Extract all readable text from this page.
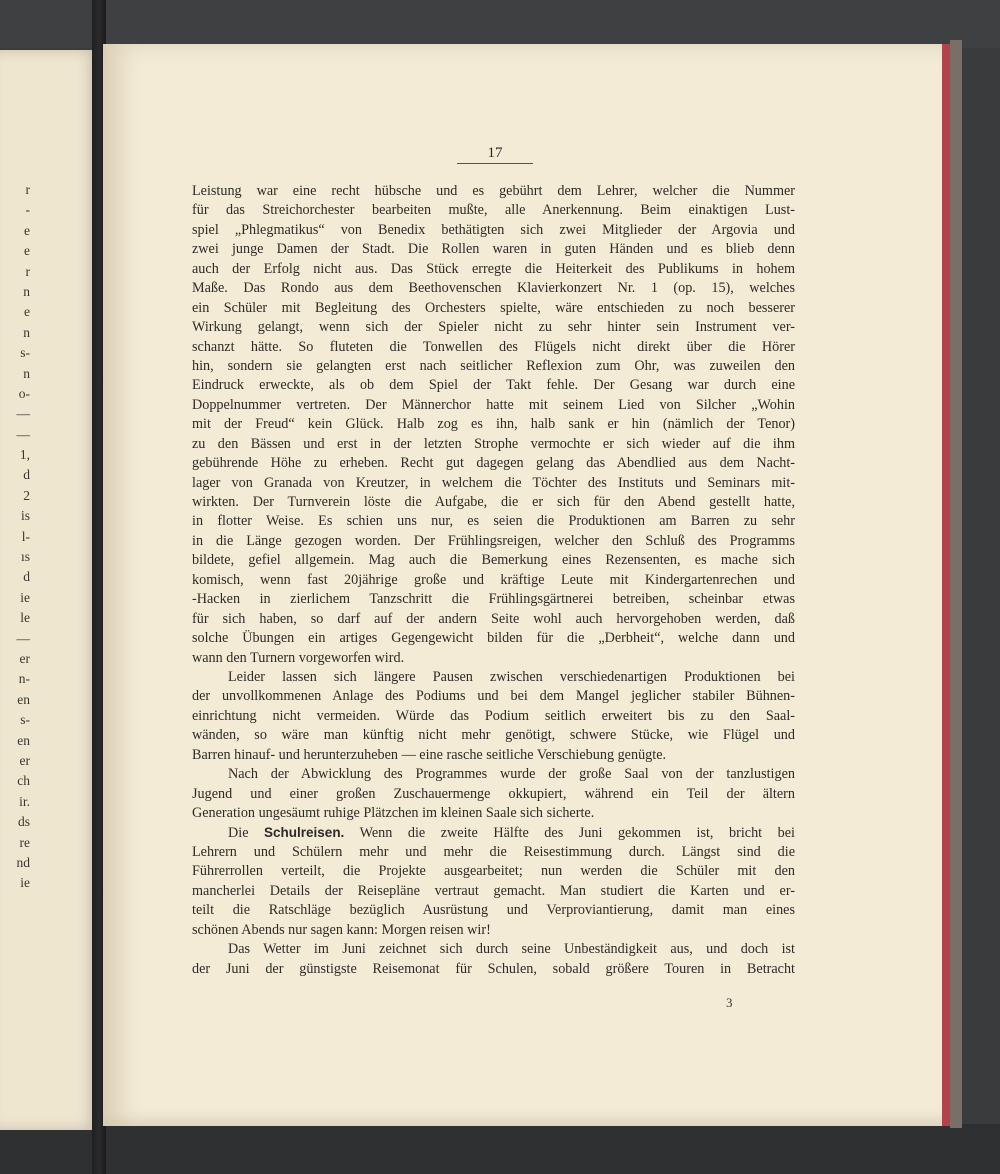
r
-
e
e
r
n
e
n
s-
n
o-
—
—
1,
d
2
is
l-
ıs
d
ie
le
—
er
n-
en
s-
en
er
ch
ir.
ds
re
nd
ie
17
Leistung war eine recht hübsche und es gebührt dem Lehrer, welcher die Nummer
für das Streichorchester bearbeiten mußte, alle Anerkennung. Beim einaktigen Lust-
spiel „Phlegmatikus“ von Benedix bethätigten sich zwei Mitglieder der Argovia und
zwei junge Damen der Stadt. Die Rollen waren in guten Händen und es blieb denn
auch der Erfolg nicht aus. Das Stück erregte die Heiterkeit des Publikums in hohem
Maße. Das Rondo aus dem Beethovenschen Klavierkonzert Nr. 1 (op. 15), welches
ein Schüler mit Begleitung des Orchesters spielte, wäre entschieden zu noch besserer
Wirkung gelangt, wenn sich der Spieler nicht zu sehr hinter sein Instrument ver-
schanzt hätte. So fluteten die Tonwellen des Flügels nicht direkt über die Hörer
hin, sondern sie gelangten erst nach seitlicher Reflexion zum Ohr, was zuweilen den
Eindruck erweckte, als ob dem Spiel der Takt fehle. Der Gesang war durch eine
Doppelnummer vertreten. Der Männerchor hatte mit seinem Lied von Silcher „Wohin
mit der Freud“ kein Glück. Halb zog es ihn, halb sank er hin (nämlich der Tenor)
zu den Bässen und erst in der letzten Strophe vermochte er sich wieder auf die ihm
gebührende Höhe zu erheben. Recht gut dagegen gelang das Abendlied aus dem Nacht-
lager von Granada von Kreutzer, in welchem die Töchter des Instituts und Seminars mit-
wirkten. Der Turnverein löste die Aufgabe, die er sich für den Abend gestellt hatte,
in flotter Weise. Es schien uns nur, es seien die Produktionen am Barren zu sehr
in die Länge gezogen worden. Der Frühlingsreigen, welcher den Schluß des Programms
bildete, gefiel allgemein. Mag auch die Bemerkung eines Rezensenten, es mache sich
komisch, wenn fast 20jährige große und kräftige Leute mit Kindergartenrechen und
-Hacken in zierlichem Tanzschritt die Frühlingsgärtnerei betreiben, scheinbar etwas
für sich haben, so darf auf der andern Seite wohl auch hervorgehoben werden, daß
solche Übungen ein artiges Gegengewicht bilden für die „Derbheit“, welche dann und
wann den Turnern vorgeworfen wird.
Leider lassen sich längere Pausen zwischen verschiedenartigen Produktionen bei
der unvollkommenen Anlage des Podiums und bei dem Mangel jeglicher stabiler Bühnen-
einrichtung nicht vermeiden. Würde das Podium seitlich erweitert bis zu den Saal-
wänden, so wäre man künftig nicht mehr genötigt, schwere Stücke, wie Flügel und
Barren hinauf- und herunterzuheben — eine rasche seitliche Verschiebung genügte.
Nach der Abwicklung des Programmes wurde der große Saal von der tanzlustigen
Jugend und einer großen Zuschauermenge okkupiert, während ein Teil der ältern
Generation ungesäumt ruhige Plätzchen im kleinen Saale sich sicherte.
Die Schulreisen. Wenn die zweite Hälfte des Juni gekommen ist, bricht bei
Lehrern und Schülern mehr und mehr die Reisestimmung durch. Längst sind die
Führerrollen verteilt, die Projekte ausgearbeitet; nun werden die Schüler mit den
mancherlei Details der Reisepläne vertraut gemacht. Man studiert die Karten und er-
teilt die Ratschläge bezüglich Ausrüstung und Verproviantierung, damit man eines
schönen Abends nur sagen kann: Morgen reisen wir!
Das Wetter im Juni zeichnet sich durch seine Unbeständigkeit aus, und doch ist
der Juni der günstigste Reisemonat für Schulen, sobald größere Touren in Betracht
3
